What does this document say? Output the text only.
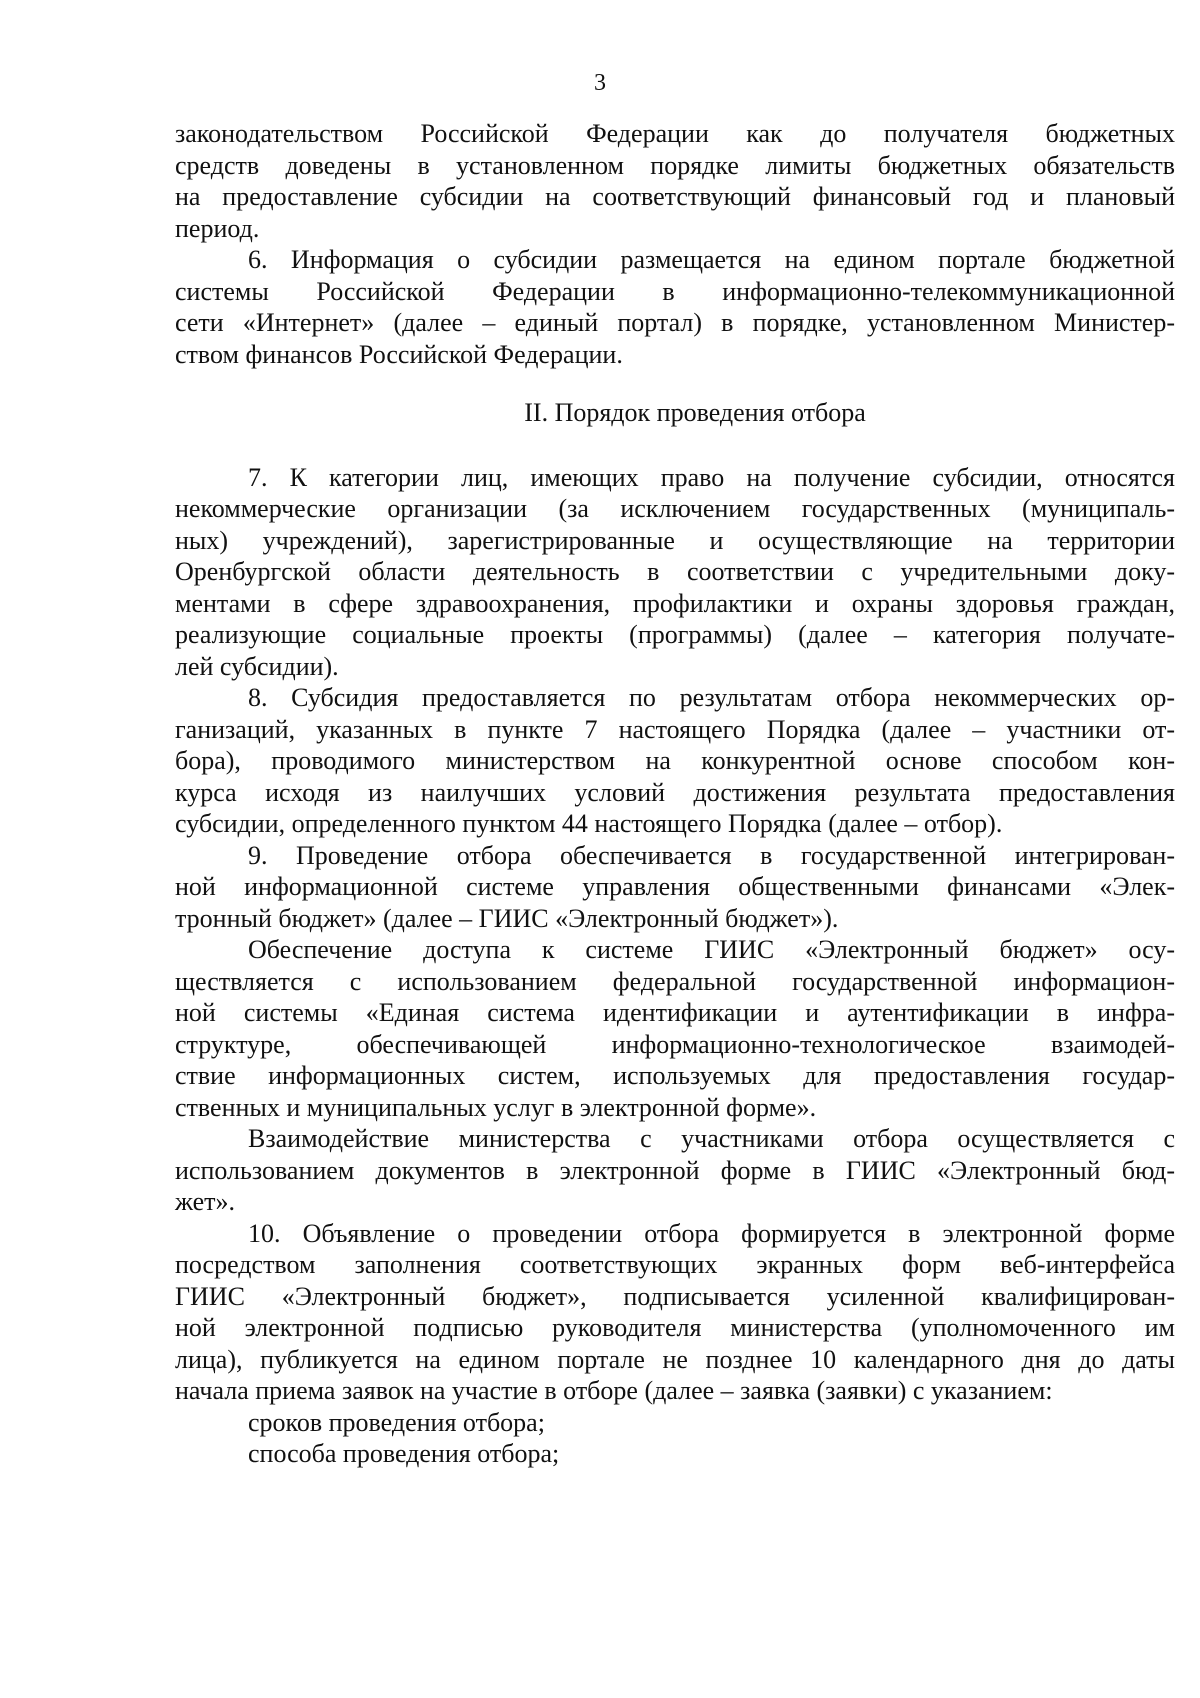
3
законодательством Российской Федерации как до получателя бюджетных
средств доведены в установленном порядке лимиты бюджетных обязательств
на предоставление субсидии на соответствующий финансовый год и плановый
период.
6. Информация о субсидии размещается на едином портале бюджетной
системы Российской Федерации в информационно-телекоммуникационной
сети «Интернет» (далее – единый портал) в порядке, установленном Министер-
ством финансов Российской Федерации.
II. Порядок проведения отбора
7. К категории лиц, имеющих право на получение субсидии, относятся
некоммерческие организации (за исключением государственных (муниципаль-
ных) учреждений), зарегистрированные и осуществляющие на территории
Оренбургской области деятельность в соответствии с учредительными доку-
ментами в сфере здравоохранения, профилактики и охраны здоровья граждан,
реализующие социальные проекты (программы) (далее – категория получате-
лей субсидии).
8. Субсидия предоставляется по результатам отбора некоммерческих ор-
ганизаций, указанных в пункте 7 настоящего Порядка (далее – участники от-
бора), проводимого министерством на конкурентной основе способом кон-
курса исходя из наилучших условий достижения результата предоставления
субсидии, определенного пунктом 44 настоящего Порядка (далее – отбор).
9. Проведение отбора обеспечивается в государственной интегрирован-
ной информационной системе управления общественными финансами «Элек-
тронный бюджет» (далее – ГИИС «Электронный бюджет»).
Обеспечение доступа к системе ГИИС «Электронный бюджет» осу-
ществляется с использованием федеральной государственной информацион-
ной системы «Единая система идентификации и аутентификации в инфра-
структуре, обеспечивающей информационно-технологическое взаимодей-
ствие информационных систем, используемых для предоставления государ-
ственных и муниципальных услуг в электронной форме».
Взаимодействие министерства с участниками отбора осуществляется с
использованием документов в электронной форме в ГИИС «Электронный бюд-
жет».
10. Объявление о проведении отбора формируется в электронной форме
посредством заполнения соответствующих экранных форм веб-интерфейса
ГИИС «Электронный бюджет», подписывается усиленной квалифицирован-
ной электронной подписью руководителя министерства (уполномоченного им
лица), публикуется на едином портале не позднее 10 календарного дня до даты
начала приема заявок на участие в отборе (далее – заявка (заявки) с указанием:
сроков проведения отбора;
способа проведения отбора;
